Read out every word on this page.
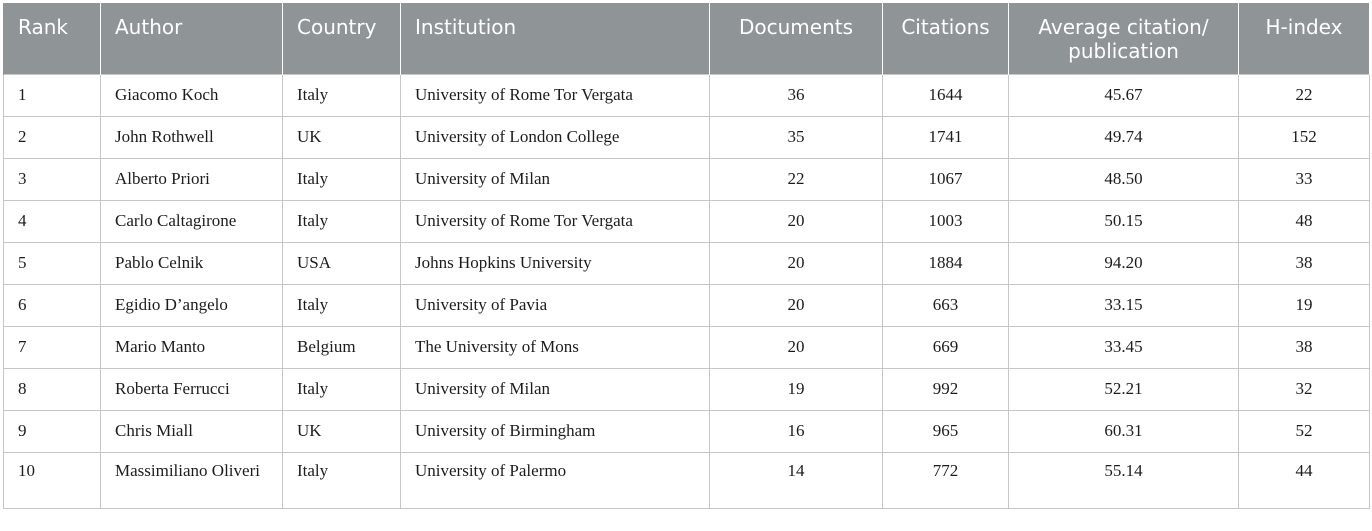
Rank	Author	Country	Institution	Documents	Citations	Average citation/
publication	H-index
1	Giacomo Koch	Italy	University of Rome Tor Vergata	36	1644	45.67	22
2	John Rothwell	UK	University of London College	35	1741	49.74	152
3	Alberto Priori	Italy	University of Milan	22	1067	48.50	33
4	Carlo Caltagirone	Italy	University of Rome Tor Vergata	20	1003	50.15	48
5	Pablo Celnik	USA	Johns Hopkins University	20	1884	94.20	38
6	Egidio D’angelo	Italy	University of Pavia	20	663	33.15	19
7	Mario Manto	Belgium	The University of Mons	20	669	33.45	38
8	Roberta Ferrucci	Italy	University of Milan	19	992	52.21	32
9	Chris Miall	UK	University of Birmingham	16	965	60.31	52
10	Massimiliano Oliveri	Italy	University of Palermo	14	772	55.14	44
